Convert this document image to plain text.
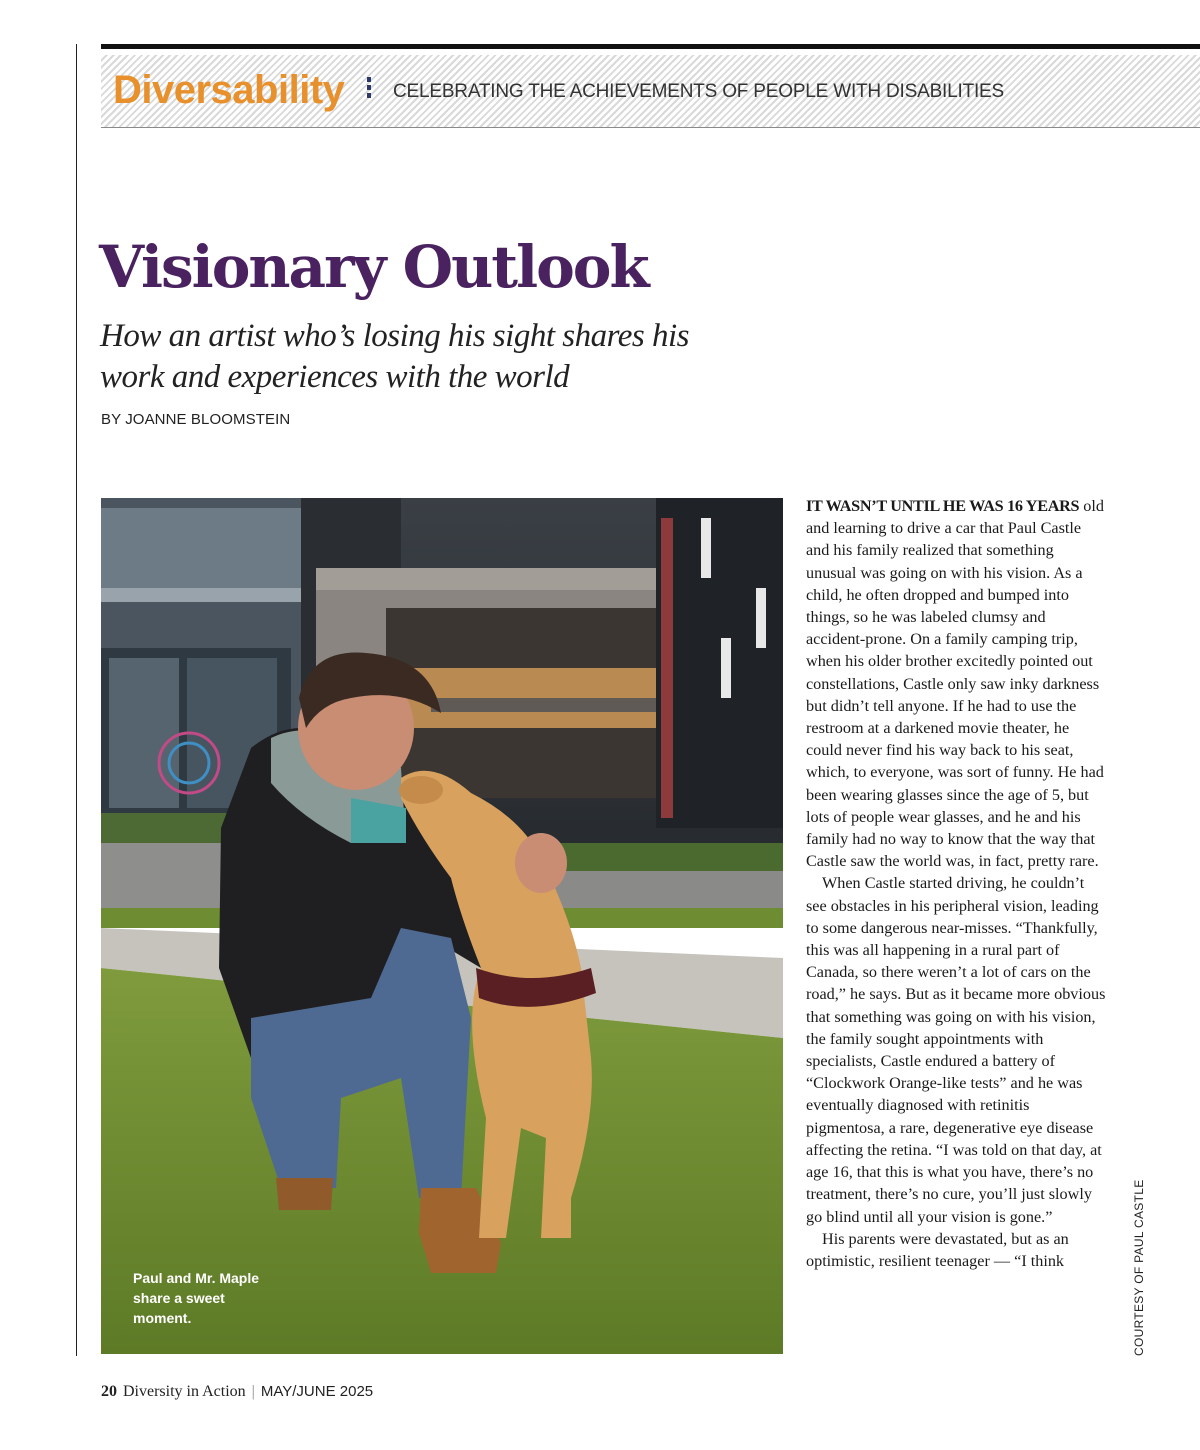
Diversability	CELEBRATING THE ACHIEVEMENTS OF PEOPLE WITH DISABILITIES
Visionary Outlook

How an artist who’s losing his sight shares his work and experiences with the world

BY JOANNE BLOOMSTEIN
Paul and Mr. Maple share a sweet moment.

IT WASN’T UNTIL HE WAS 16 YEARS old and learning to drive a car that Paul Castle and his family realized that something unusual was going on with his vision. As a child, he often dropped and bumped into things, so he was labeled clumsy and accident-prone. On a family camping trip, when his older brother excitedly pointed out constellations, Castle only saw inky darkness but didn’t tell anyone. If he had to use the restroom at a darkened movie theater, he could never find his way back to his seat, which, to everyone, was sort of funny. He had been wearing glasses since the age of 5, but lots of people wear glasses, and he and his family had no way to know that the way that Castle saw the world was, in fact, pretty rare.

When Castle started driving, he couldn’t see obstacles in his peripheral vision, leading to some dangerous near-misses. “Thankfully, this was all happening in a rural part of Canada, so there weren’t a lot of cars on the road,” he says. But as it became more obvious that something was going on with his vision, the family sought appointments with specialists, Castle endured a battery of “Clockwork Orange-like tests” and he was eventually diagnosed with retinitis pigmentosa, a rare, degenerative eye disease affecting the retina. “I was told on that day, at age 16, that this is what you have, there’s no treatment, there’s no cure, you’ll just slowly go blind until all your vision is gone.”

His parents were devastated, but as an optimistic, resilient teenager — “I think	COURTESY OF PAUL CASTLE
20 Diversity in Action | MAY/JUNE 2025
